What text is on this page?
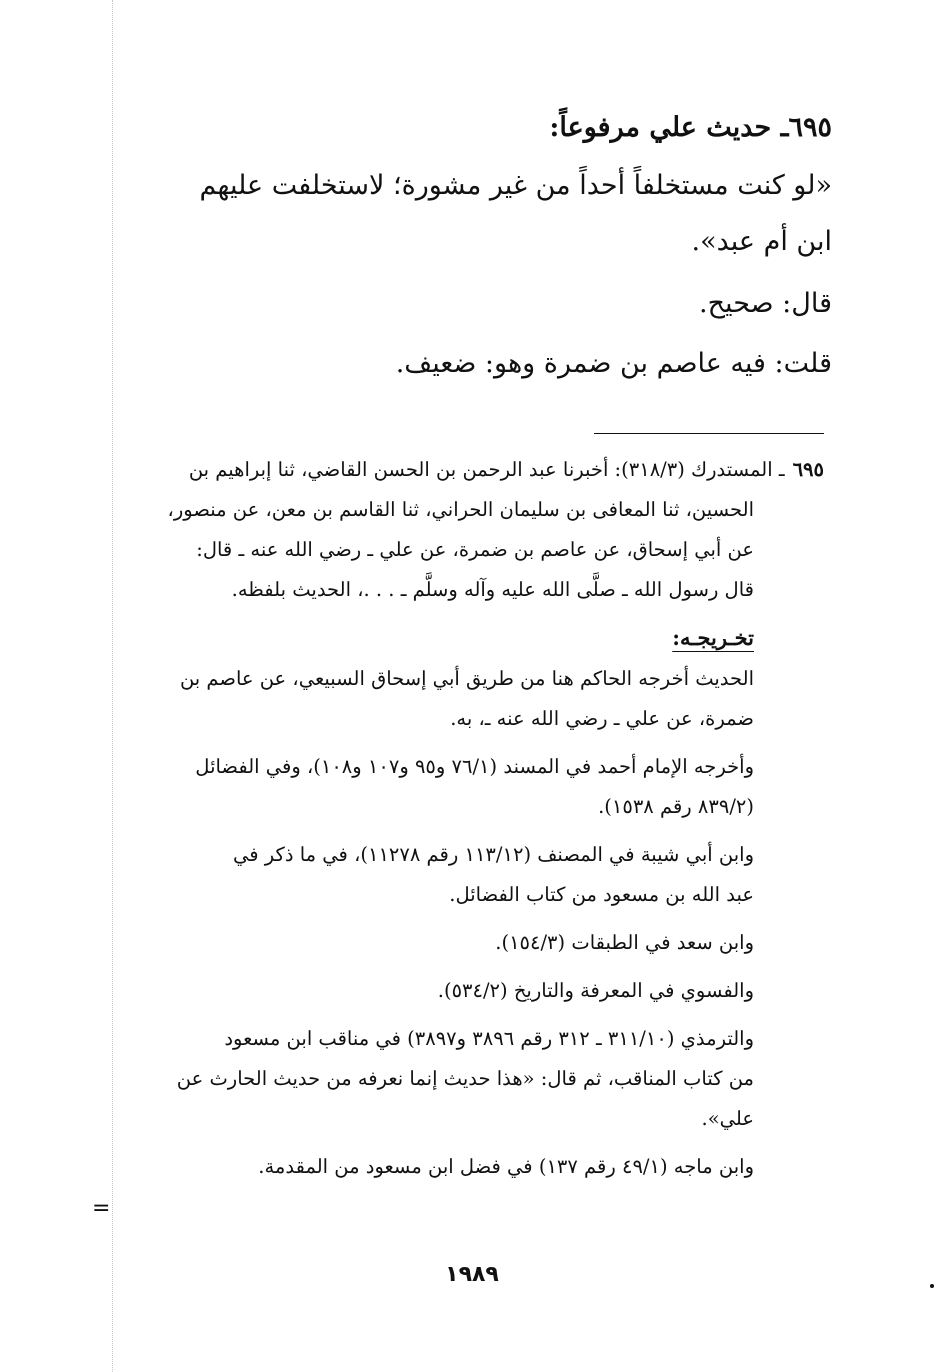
=
٦٩٥ـ حديث علي مرفوعاً:
«لو كنت مستخلفاً أحداً من غير مشورة؛ لاستخلفت عليهم
ابن أم عبد».

قال: صحيح.

قلت: فيه عاصم بن ضمرة وهو: ضعيف.

٦٩٥ـ المستدرك (٣١٨/٣): أخبرنا عبد الرحمن بن الحسن القاضي، ثنا إبراهيم بن
الحسين، ثنا المعافى بن سليمان الحراني، ثنا القاسم بن معن، عن منصور،
عن أبي إسحاق، عن عاصم بن ضمرة، عن علي ـ رضي الله عنه ـ قال:
قال رسول الله ـ صلَّى الله عليه وآله وسلَّم ـ . . .، الحديث بلفظه.
تخـريجـه:
الحديث أخرجه الحاكم هنا من طريق أبي إسحاق السبيعي، عن عاصم بن
ضمرة، عن علي ـ رضي الله عنه ـ، به.
وأخرجه الإمام أحمد في المسند (٧٦/١ و٩٥ و١٠٧ و١٠٨)، وفي الفضائل
(٨٣٩/٢ رقم ١٥٣٨).
وابن أبي شيبة في المصنف (١١٣/١٢ رقم ١١٢٧٨)، في ما ذكر في
عبد الله بن مسعود من كتاب الفضائل.
وابن سعد في الطبقات (١٥٤/٣).
والفسوي في المعرفة والتاريخ (٥٣٤/٢).
والترمذي (٣١١/١٠ ـ ٣١٢ رقم ٣٨٩٦ و٣٨٩٧) في مناقب ابن مسعود
من كتاب المناقب، ثم قال: «هذا حديث إنما نعرفه من حديث الحارث عن
علي».
وابن ماجه (٤٩/١ رقم ١٣٧) في فضل ابن مسعود من المقدمة.
١٩٨٩
